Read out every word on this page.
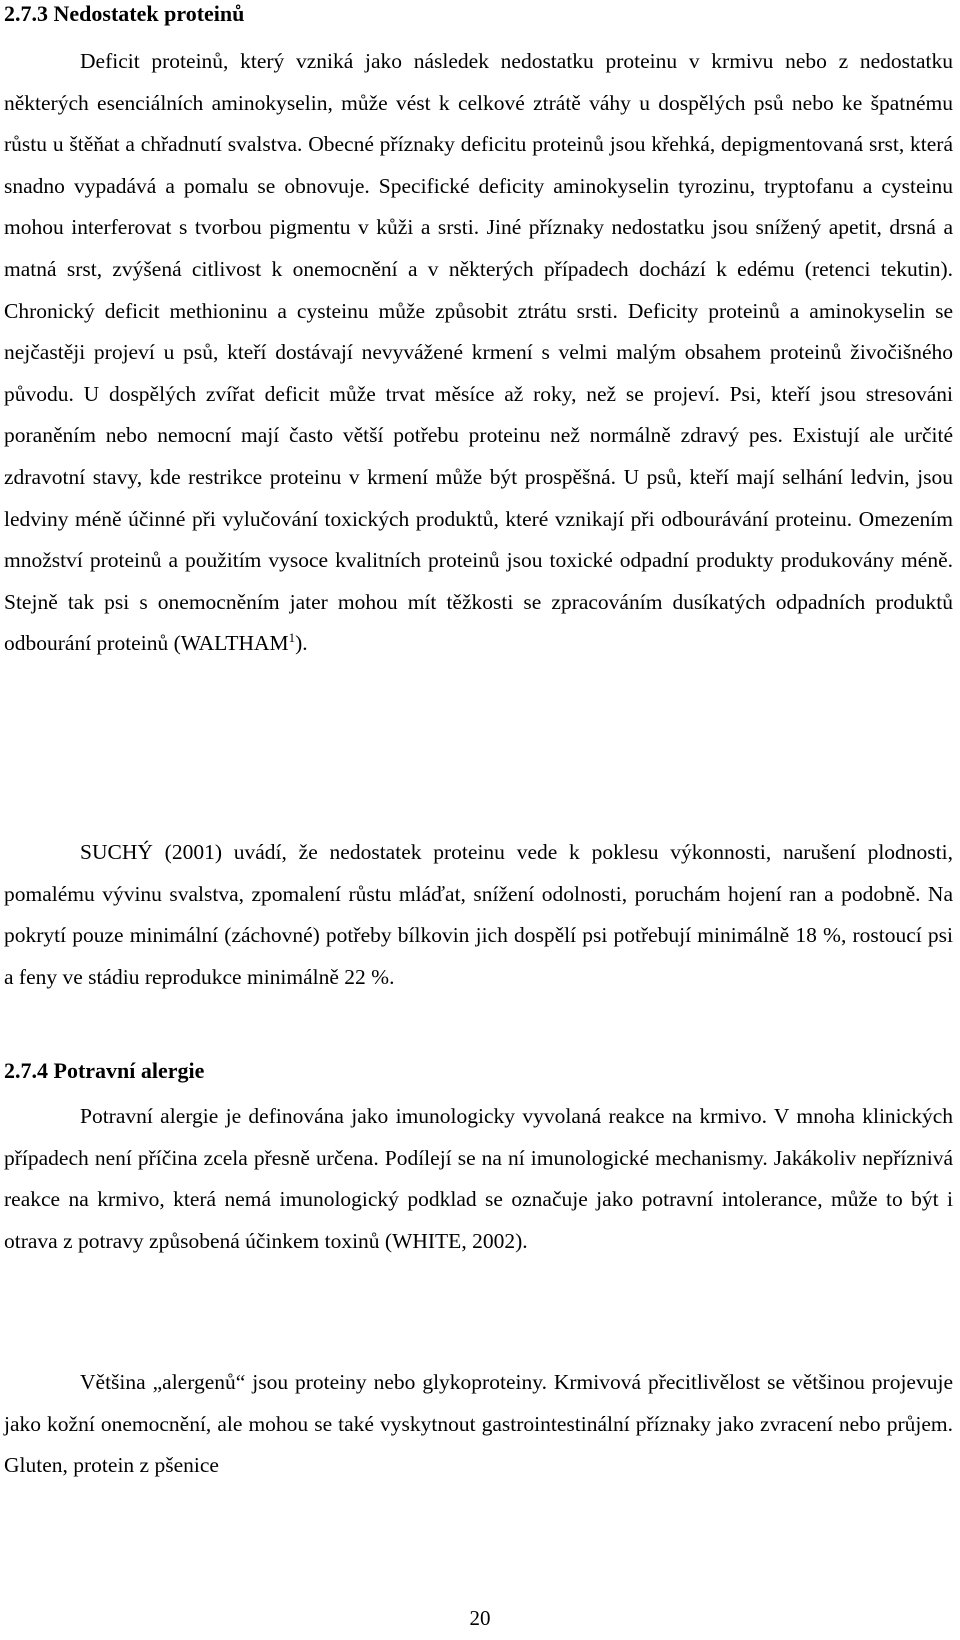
2.7.3 Nedostatek proteinů

Deficit proteinů, který vzniká jako následek nedostatku proteinu v krmivu nebo z nedostatku některých esenciálních aminokyselin, může vést k celkové ztrátě váhy u dospělých psů nebo ke špatnému růstu u štěňat a chřadnutí svalstva. Obecné příznaky deficitu proteinů jsou křehká, depigmentovaná srst, která snadno vypadává a pomalu se obnovuje. Specifické deficity aminokyselin tyrozinu, tryptofanu a cysteinu mohou interferovat s tvorbou pigmentu v kůži a srsti. Jiné příznaky nedostatku jsou snížený apetit, drsná a matná srst, zvýšená citlivost k onemocnění a v některých případech dochází k edému (retenci tekutin). Chronický deficit methioninu a cysteinu může způsobit ztrátu srsti. Deficity proteinů a aminokyselin se nejčastěji projeví u psů, kteří dostávají nevyvážené krmení s velmi malým obsahem proteinů živočišného původu. U dospělých zvířat deficit může trvat měsíce až roky, než se projeví. Psi, kteří jsou stresováni poraněním nebo nemocní mají často větší potřebu proteinu než normálně zdravý pes. Existují ale určité zdravotní stavy, kde restrikce proteinu v krmení může být prospěšná. U psů, kteří mají selhání ledvin, jsou ledviny méně účinné při vylučování toxických produktů, které vznikají při odbourávání proteinu. Omezením množství proteinů a použitím vysoce kvalitních proteinů jsou toxické odpadní produkty produkovány méně. Stejně tak psi s onemocněním jater mohou mít těžkosti se zpracováním dusíkatých odpadních produktů odbourání proteinů (WALTHAM$^1$).

SUCHÝ (2001) uvádí, že nedostatek proteinu vede k poklesu výkonnosti, narušení plodnosti, pomalému vývinu svalstva, zpomalení růstu mláďat, snížení odolnosti, poruchám hojení ran a podobně. Na pokrytí pouze minimální (záchovné) potřeby bílkovin jich dospělí psi potřebují minimálně 18 %, rostoucí psi a feny ve stádiu reprodukce minimálně 22 %.

2.7.4 Potravní alergie

Potravní alergie je definována jako imunologicky vyvolaná reakce na krmivo. V mnoha klinických případech není příčina zcela přesně určena. Podílejí se na ní imunologické mechanismy. Jakákoliv nepříznivá reakce na krmivo, která nemá imunologický podklad se označuje jako potravní intolerance, může to být i otrava z potravy způsobená účinkem toxinů (WHITE, 2002).

Většina „alergenů“ jsou proteiny nebo glykoproteiny. Krmivová přecitlivělost se většinou projevuje jako kožní onemocnění, ale mohou se také vyskytnout gastrointestinální příznaky jako zvracení nebo průjem. Gluten, protein z pšenice

20
